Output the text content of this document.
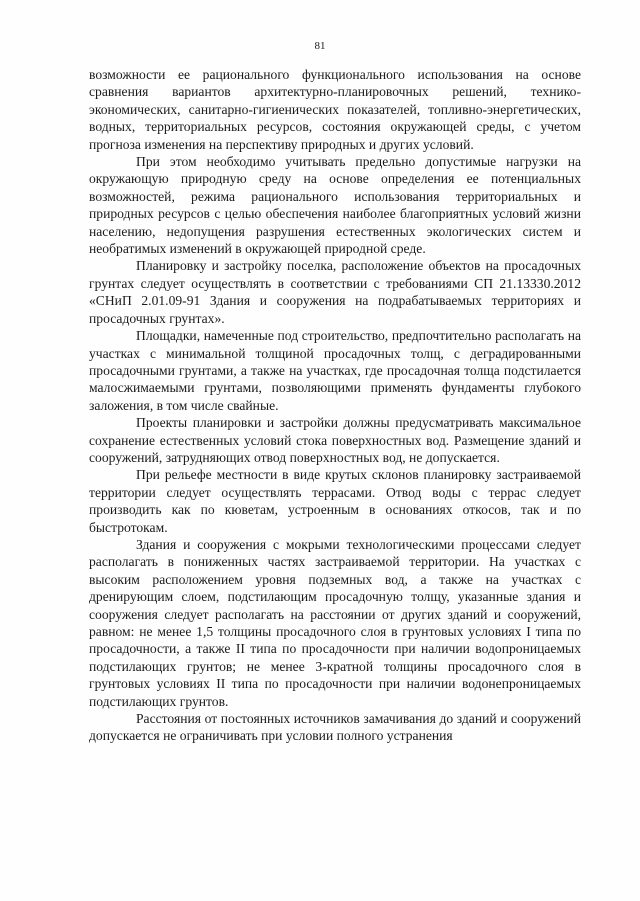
81

возможности ее рационального функционального использования на основе сравнения вариантов архитектурно-планировочных решений, технико-экономических, санитарно-гигиенических показателей, топливно-энергетических, водных, территориальных ресурсов, состояния окружающей среды, с учетом прогноза изменения на перспективу природных и других условий.

При этом необходимо учитывать предельно допустимые нагрузки на окружающую природную среду на основе определения ее потенциальных возможностей, режима рационального использования территориальных и природных ресурсов с целью обеспечения наиболее благоприятных условий жизни населению, недопущения разрушения естественных экологических систем и необратимых изменений в окружающей природной среде.

Планировку и застройку поселка, расположение объектов на просадочных грунтах следует осуществлять в соответствии с требованиями СП 21.13330.2012 «СНиП 2.01.09-91 Здания и сооружения на подрабатываемых территориях и просадочных грунтах».

Площадки, намеченные под строительство, предпочтительно располагать на участках с минимальной толщиной просадочных толщ, с деградированными просадочными грунтами, а также на участках, где просадочная толща подстилается малосжимаемыми грунтами, позволяющими применять фундаменты глубокого заложения, в том числе свайные.

Проекты планировки и застройки должны предусматривать максимальное сохранение естественных условий стока поверхностных вод. Размещение зданий и сооружений, затрудняющих отвод поверхностных вод, не допускается.

При рельефе местности в виде крутых склонов планировку застраиваемой территории следует осуществлять террасами. Отвод воды с террас следует производить как по кюветам, устроенным в основаниях откосов, так и по быстротокам.

Здания и сооружения с мокрыми технологическими процессами следует располагать в пониженных частях застраиваемой территории. На участках с высоким расположением уровня подземных вод, а также на участках с дренирующим слоем, подстилающим просадочную толщу, указанные здания и сооружения следует располагать на расстоянии от других зданий и сооружений, равном: не менее 1,5 толщины просадочного слоя в грунтовых условиях I типа по просадочности, а также II типа по просадочности при наличии водопроницаемых подстилающих грунтов; не менее 3-кратной толщины просадочного слоя в грунтовых условиях II типа по просадочности при наличии водонепроницаемых подстилающих грунтов.

Расстояния от постоянных источников замачивания до зданий и сооружений допускается не ограничивать при условии полного устранения
